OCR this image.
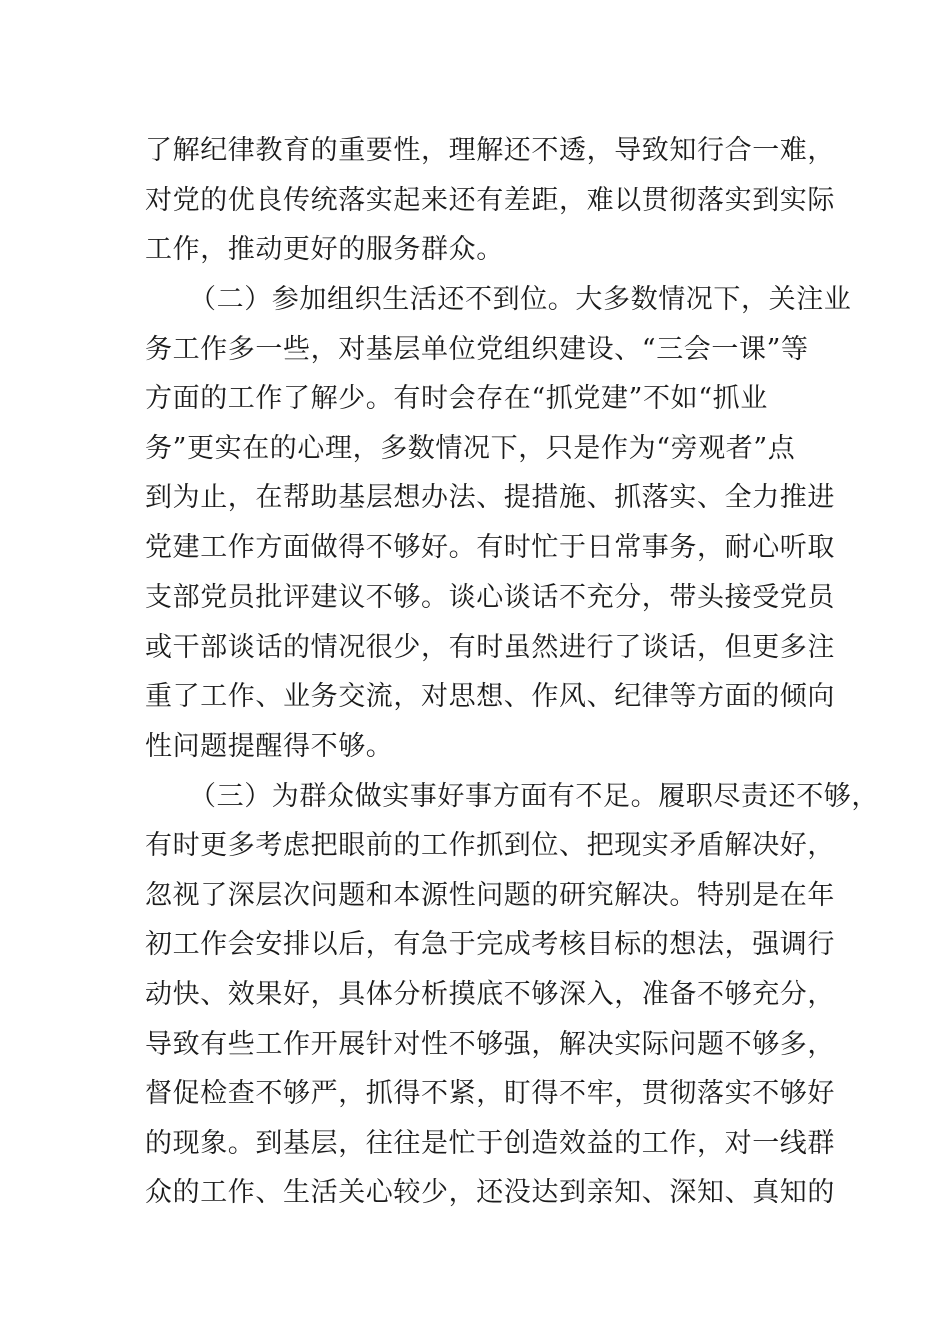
了解纪律教育的重要性，理解还不透，导致知行合一难，

对党的优良传统落实起来还有差距，难以贯彻落实到实际

工作，推动更好的服务群众。

（二）参加组织生活还不到位。大多数情况下，关注业

务工作多一些，对基层单位党组织建设、“三会一课”等

方面的工作了解少。有时会存在“抓党建”不如“抓业

务”更实在的心理，多数情况下，只是作为“旁观者”点

到为止，在帮助基层想办法、提措施、抓落实、全力推进

党建工作方面做得不够好。有时忙于日常事务，耐心听取

支部党员批评建议不够。谈心谈话不充分，带头接受党员

或干部谈话的情况很少，有时虽然进行了谈话，但更多注

重了工作、业务交流，对思想、作风、纪律等方面的倾向

性问题提醒得不够。

（三）为群众做实事好事方面有不足。履职尽责还不够，

有时更多考虑把眼前的工作抓到位、把现实矛盾解决好，

忽视了深层次问题和本源性问题的研究解决。特别是在年

初工作会安排以后，有急于完成考核目标的想法，强调行

动快、效果好，具体分析摸底不够深入，准备不够充分，

导致有些工作开展针对性不够强，解决实际问题不够多，

督促检查不够严，抓得不紧，盯得不牢，贯彻落实不够好

的现象。到基层，往往是忙于创造效益的工作，对一线群

众的工作、生活关心较少，还没达到亲知、深知、真知的
